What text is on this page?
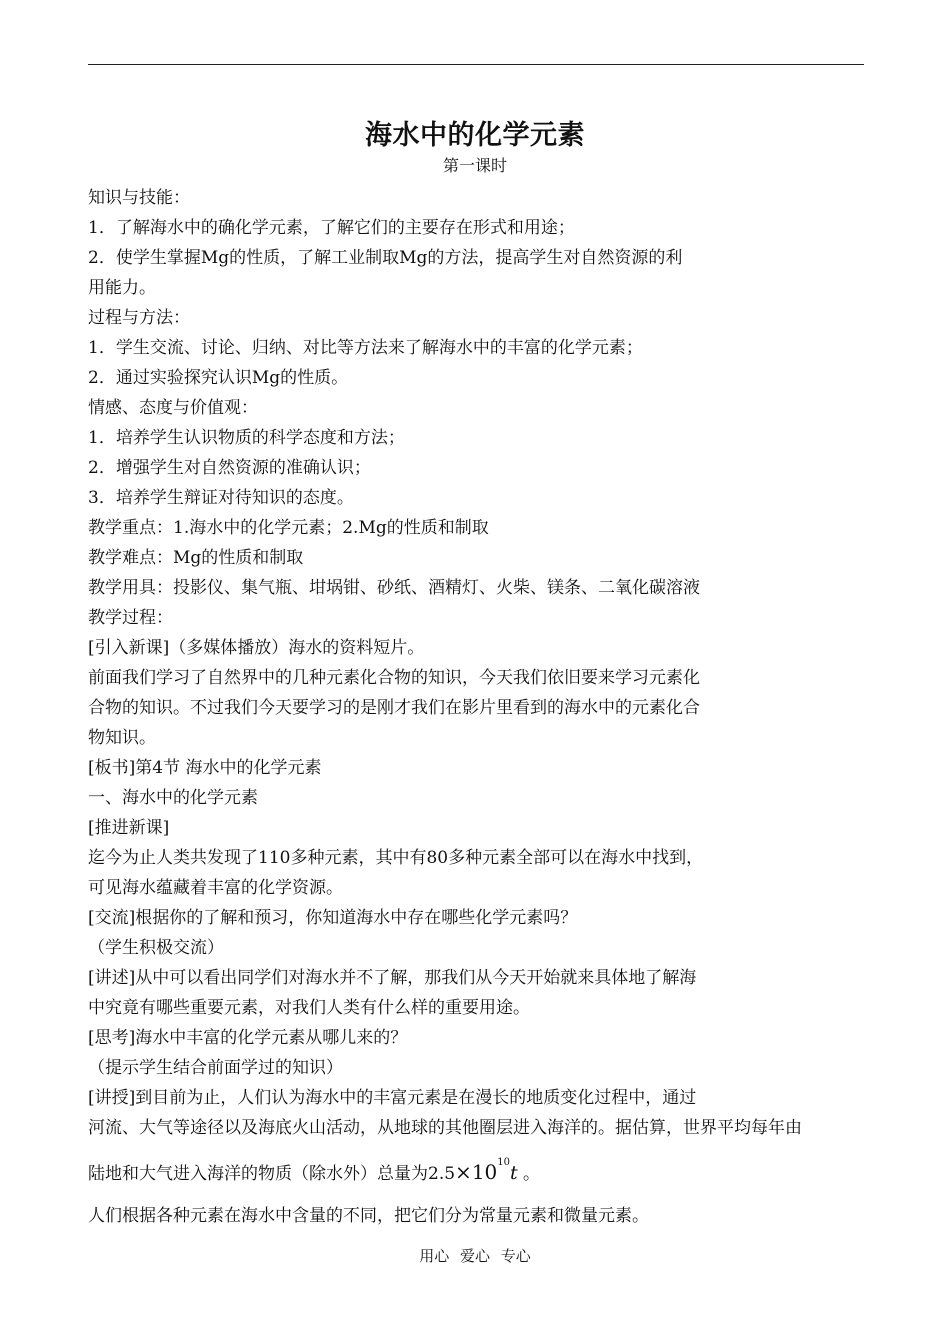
海水中的化学元素
第一课时
知识与技能：
1．了解海水中的确化学元素，了解它们的主要存在形式和用途；
2．使学生掌握Mg的性质，了解工业制取Mg的方法，提高学生对自然资源的利
用能力。
过程与方法：
1．学生交流、讨论、归纳、对比等方法来了解海水中的丰富的化学元素；
2．通过实验探究认识Mg的性质。
情感、态度与价值观：
1．培养学生认识物质的科学态度和方法；
2．增强学生对自然资源的准确认识；
3．培养学生辩证对待知识的态度。
教学重点：1.海水中的化学元素；2.Mg的性质和制取
教学难点：Mg的性质和制取
教学用具：投影仪、集气瓶、坩埚钳、砂纸、酒精灯、火柴、镁条、二氧化碳溶液
教学过程：
[引入新课]（多媒体播放）海水的资料短片。
前面我们学习了自然界中的几种元素化合物的知识，今天我们依旧要来学习元素化
合物的知识。不过我们今天要学习的是刚才我们在影片里看到的海水中的元素化合
物知识。
[板书]第4节 海水中的化学元素
一、海水中的化学元素
[推进新课]
迄今为止人类共发现了110多种元素，其中有80多种元素全部可以在海水中找到，
可见海水蕴藏着丰富的化学资源。
[交流]根据你的了解和预习，你知道海水中存在哪些化学元素吗？
（学生积极交流）
[讲述]从中可以看出同学们对海水并不了解，那我们从今天开始就来具体地了解海
中究竟有哪些重要元素，对我们人类有什么样的重要用途。
[思考]海水中丰富的化学元素从哪儿来的？
（提示学生结合前面学过的知识）
[讲授]到目前为止，人们认为海水中的丰富元素是在漫长的地质变化过程中，通过
河流、大气等途径以及海底火山活动，从地球的其他圈层进入海洋的。据估算，世界平均每年由
陆地和大气进入海洋的物质（除水外）总量为$2.5\times 10^{10}t$ 。
人们根据各种元素在海水中含量的不同，把它们分为常量元素和微量元素。
用心 爱心 专心
